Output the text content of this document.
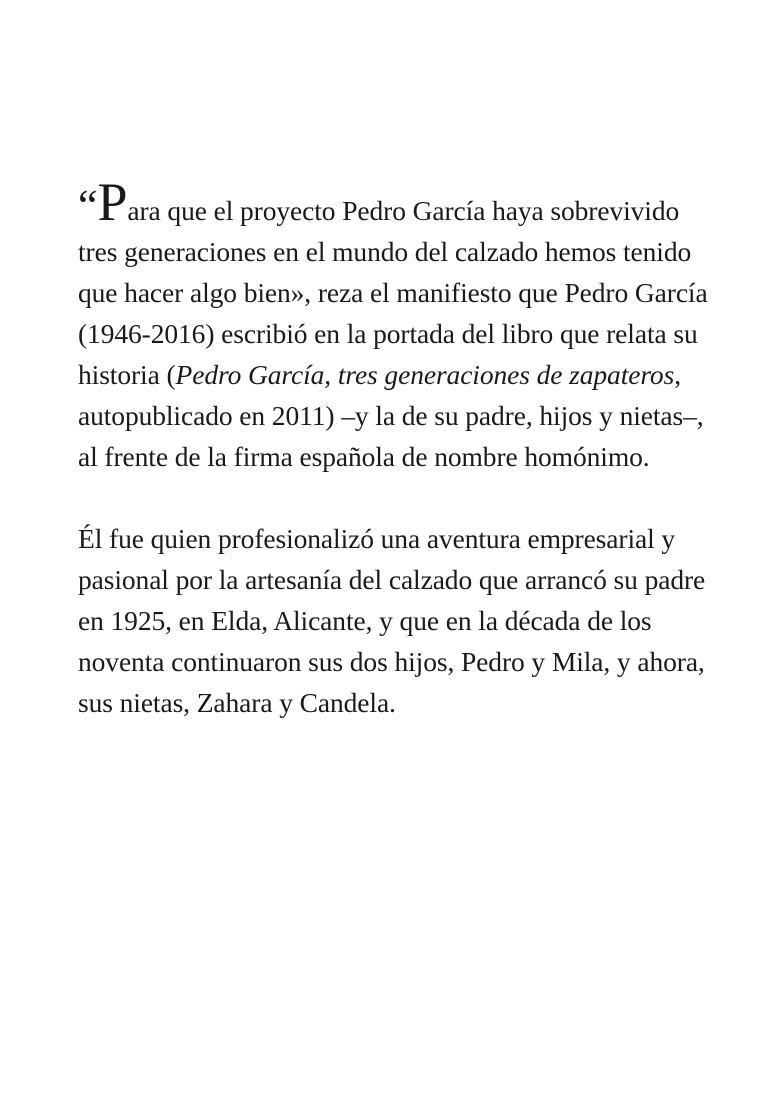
“Para que el proyecto Pedro García haya sobrevivido tres generaciones en el mundo del calzado hemos tenido que hacer algo bien», reza el manifiesto que Pedro García (1946-2016) escribió en la portada del libro que relata su historia (Pedro García, tres generaciones de zapateros, autopublicado en 2011) –y la de su padre, hijos y nietas–, al frente de la firma española de nombre homónimo.

Él fue quien profesionalizó una aventura empresarial y pasional por la artesanía del calzado que arrancó su padre en 1925, en Elda, Alicante, y que en la década de los noventa continuaron sus dos hijos, Pedro y Mila, y ahora, sus nietas, Zahara y Candela.
